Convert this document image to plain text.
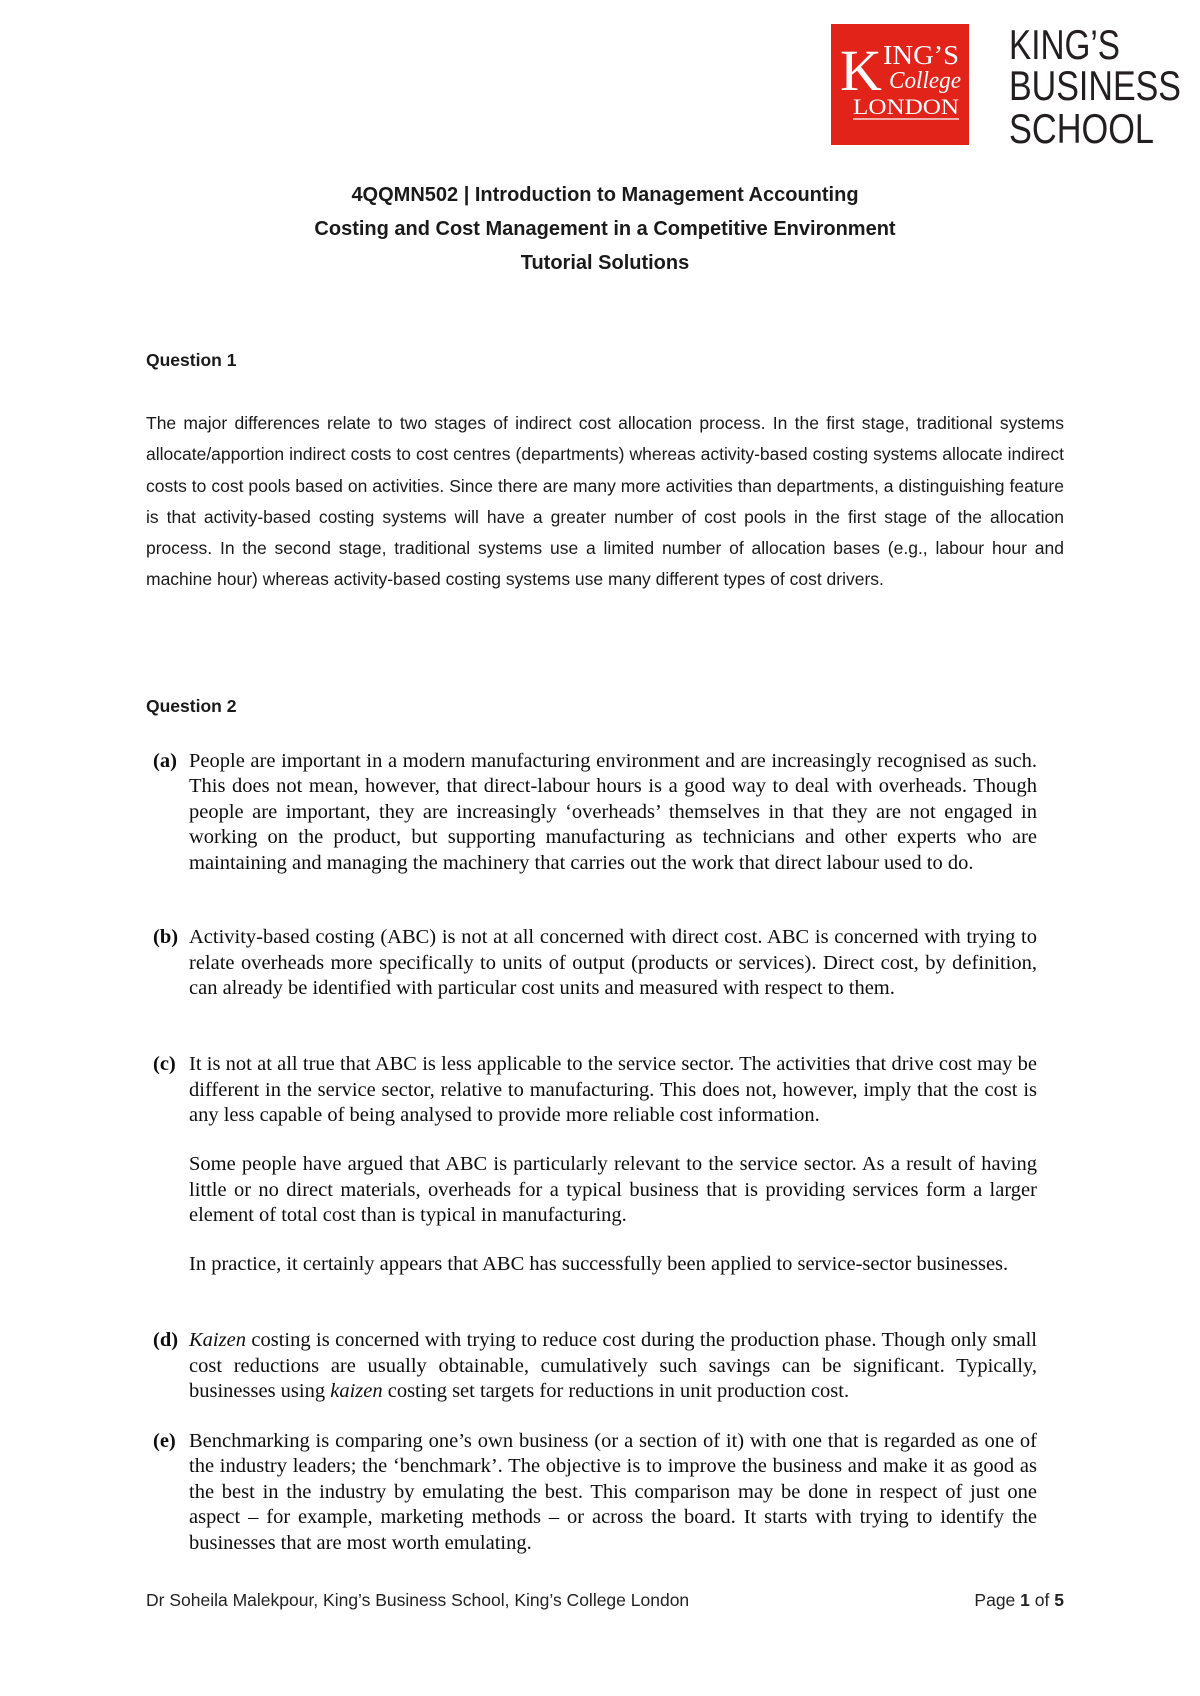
K ING’S
College
LONDON
KING’S
BUSINESS
SCHOOL
4QQMN502 | Introduction to Management Accounting
Costing and Cost Management in a Competitive Environment
Tutorial Solutions
Question 1

The major differences relate to two stages of indirect cost allocation process. In the first stage, traditional systems allocate/apportion indirect costs to cost centres (departments) whereas activity-based costing systems allocate indirect costs to cost pools based on activities. Since there are many more activities than departments, a distinguishing feature is that activity-based costing systems will have a greater number of cost pools in the first stage of the allocation process. In the second stage, traditional systems use a limited number of allocation bases (e.g., labour hour and machine hour) whereas activity-based costing systems use many different types of cost drivers.

Question 2
(a) People are important in a modern manufacturing environment and are increasingly recognised as such. This does not mean, however, that direct-labour hours is a good way to deal with overheads. Though people are important, they are increasingly ‘overheads’ themselves in that they are not engaged in working on the product, but supporting manufacturing as technicians and other experts who are maintaining and managing the machinery that carries out the work that direct labour used to do.

(b) Activity-based costing (ABC) is not at all concerned with direct cost. ABC is concerned with trying to relate overheads more specifically to units of output (products or services). Direct cost, by definition, can already be identified with particular cost units and measured with respect to them.

(c) It is not at all true that ABC is less applicable to the service sector. The activities that drive cost may be different in the service sector, relative to manufacturing. This does not, however, imply that the cost is any less capable of being analysed to provide more reliable cost information.

Some people have argued that ABC is particularly relevant to the service sector. As a result of having little or no direct materials, overheads for a typical business that is providing services form a larger element of total cost than is typical in manufacturing.

In practice, it certainly appears that ABC has successfully been applied to service-sector businesses.

(d) Kaizen costing is concerned with trying to reduce cost during the production phase. Though only small cost reductions are usually obtainable, cumulatively such savings can be significant. Typically, businesses using kaizen costing set targets for reductions in unit production cost.

(e) Benchmarking is comparing one’s own business (or a section of it) with one that is regarded as one of the industry leaders; the ‘benchmark’. The objective is to improve the business and make it as good as the best in the industry by emulating the best. This comparison may be done in respect of just one aspect – for example, marketing methods – or across the board. It starts with trying to identify the businesses that are most worth emulating.

Dr Soheila Malekpour, King’s Business School, King’s College London	Page 1 of 5
